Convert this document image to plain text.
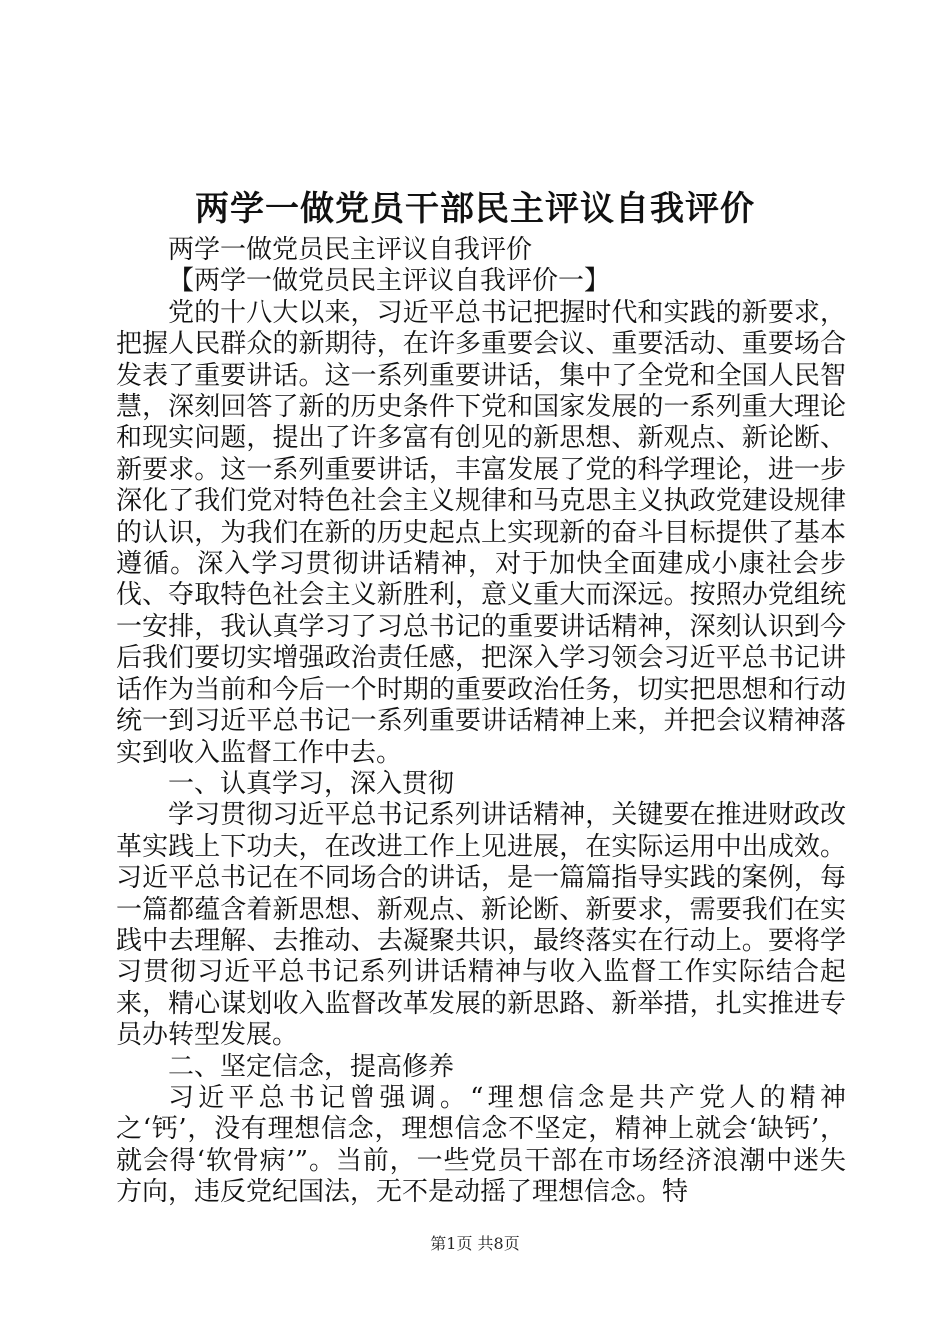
两学一做党员干部民主评议自我评价

两学一做党员民主评议自我评价

【两学一做党员民主评议自我评价一】

党的十八大以来，习近平总书记把握时代和实践的新要求，把握人民群众的新期待，在许多重要会议、重要活动、重要场合发表了重要讲话。这一系列重要讲话，集中了全党和全国人民智慧，深刻回答了新的历史条件下党和国家发展的一系列重大理论和现实问题，提出了许多富有创见的新思想、新观点、新论断、新要求。这一系列重要讲话，丰富发展了党的科学理论，进一步深化了我们党对特色社会主义规律和马克思主义执政党建设规律的认识，为我们在新的历史起点上实现新的奋斗目标提供了基本遵循。深入学习贯彻讲话精神，对于加快全面建成小康社会步伐、夺取特色社会主义新胜利，意义重大而深远。按照办党组统一安排，我认真学习了习总书记的重要讲话精神，深刻认识到今后我们要切实增强政治责任感，把深入学习领会习近平总书记讲话作为当前和今后一个时期的重要政治任务，切实把思想和行动统一到习近平总书记一系列重要讲话精神上来，并把会议精神落实到收入监督工作中去。

一、认真学习，深入贯彻

学习贯彻习近平总书记系列讲话精神，关键要在推进财政改革实践上下功夫，在改进工作上见进展，在实际运用中出成效。习近平总书记在不同场合的讲话，是一篇篇指导实践的案例，每一篇都蕴含着新思想、新观点、新论断、新要求，需要我们在实践中去理解、去推动、去凝聚共识，最终落实在行动上。要将学习贯彻习近平总书记系列讲话精神与收入监督工作实际结合起来，精心谋划收入监督改革发展的新思路、新举措，扎实推进专员办转型发展。

二、坚定信念，提高修养

习近平总书记曾强调。“理想信念是共产党人的精神之‘钙’，没有理想信念，理想信念不坚定，精神上就会‘缺钙’，就会得‘软骨病’”。当前，一些党员干部在市场经济浪潮中迷失方向，违反党纪国法，无不是动摇了理想信念。特

第1页 共8页
